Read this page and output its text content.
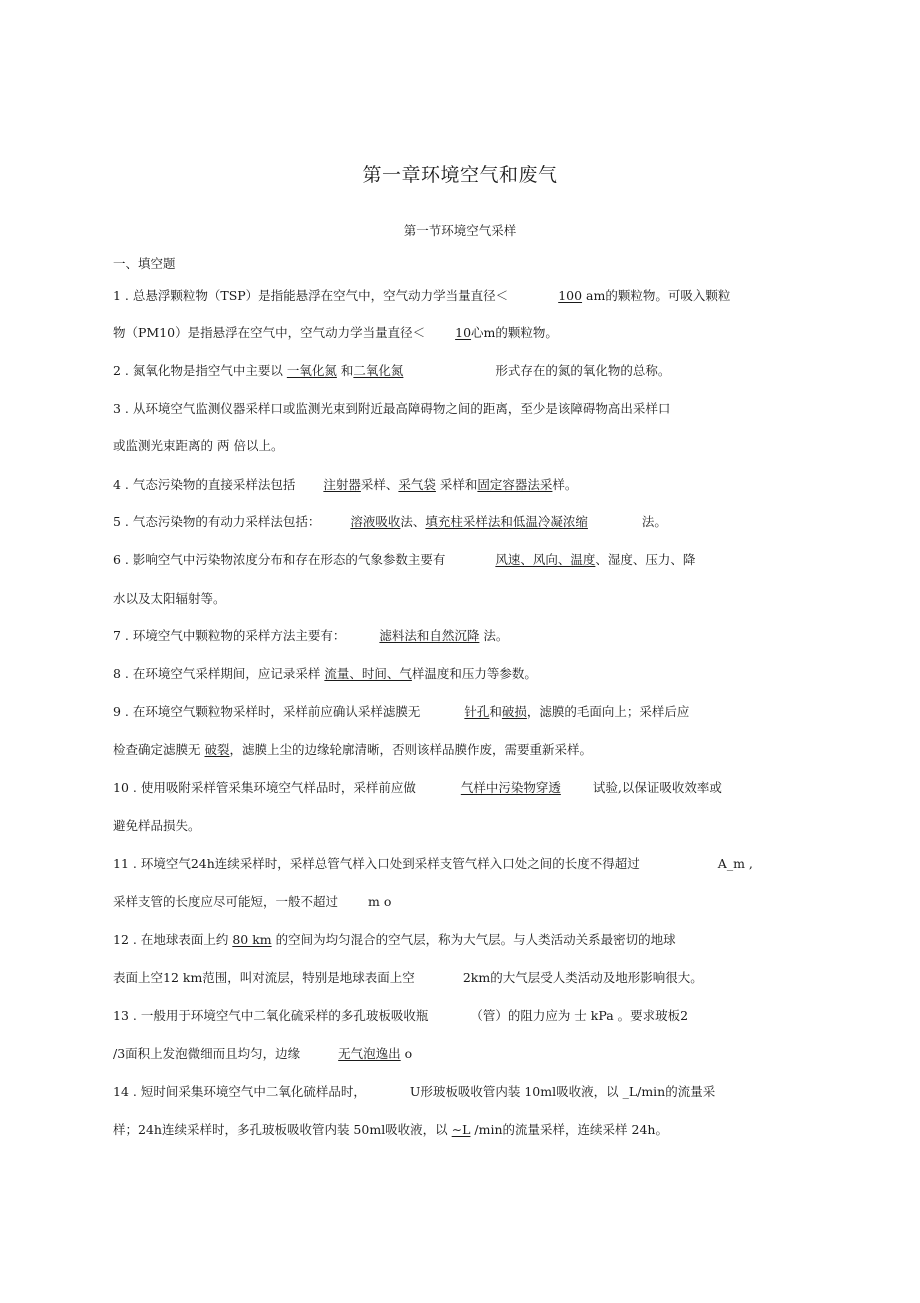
第一章环境空气和废气
第一节环境空气采样
一、填空题
1 . 总悬浮颗粒物（TSP）是指能悬浮在空气中，空气动力学当量直径＜	100 am的颗粒物。可吸入颗粒
物（PM10）是指悬浮在空气中，空气动力学当量直径＜ 10心m的颗粒物。
2 . 氮氧化物是指空气中主要以 一氧化氮 和二氧化氮	形式存在的氮的氧化物的总称。
3 . 从环境空气监测仪器采样口或监测光束到附近最高障碍物之间的距离，至少是该障碍物高出采样口
或监测光束距离的 两 倍以上。
4 . 气态污染物的直接采样法包括 注射器采样、采气袋 采样和固定容器法采样。
5 . 气态污染物的有动力采样法包括： 溶液吸收法、填充柱采样法和低温冷凝浓缩	法。
6 . 影响空气中污染物浓度分布和存在形态的气象参数主要有	风速、风向、温度、湿度、压力、降
水以及太阳辐射等。
7 . 环境空气中颗粒物的采样方法主要有：	滤料法和自然沉降 法。
8 . 在环境空气采样期间，应记录采样 流量、时间、气样温度和压力等参数。
9 . 在环境空气颗粒物采样时，采样前应确认采样滤膜无	针孔和破损，滤膜的毛面向上；采样后应
检查确定滤膜无 破裂，滤膜上尘的边缘轮廓清晰，否则该样品膜作废，需要重新采样。
10 . 使用吸附采样管采集环境空气样品时，采样前应做	气样中污染物穿透	试验,以保证吸收效率或
避免样品损失。
11 . 环境空气24h连续采样时，采样总管气样入口处到采样支管气样入口处之间的长度不得超过	A_m ,
采样支管的长度应尽可能短，一般不超过 m o
12 . 在地球表面上约 80 km 的空间为均匀混合的空气层，称为大气层。与人类活动关系最密切的地球
表面上空12 km范围，叫对流层，特别是地球表面上空	2km的大气层受人类活动及地形影响很大。
13 . 一般用于环境空气中二氧化硫采样的多孔玻板吸收瓶	（管）的阻力应为 士 kPa 。要求玻板2
/3面积上发泡微细而且均匀，边缘	无气泡逸出 o
14 . 短时间采集环境空气中二氧化硫样品时，	U形玻板吸收管内装 10ml吸收液，以 _L/min的流量采
样；24h连续采样时，多孔玻板吸收管内装 50ml吸收液，以 ∼L /min的流量采样，连续采样 24h。
